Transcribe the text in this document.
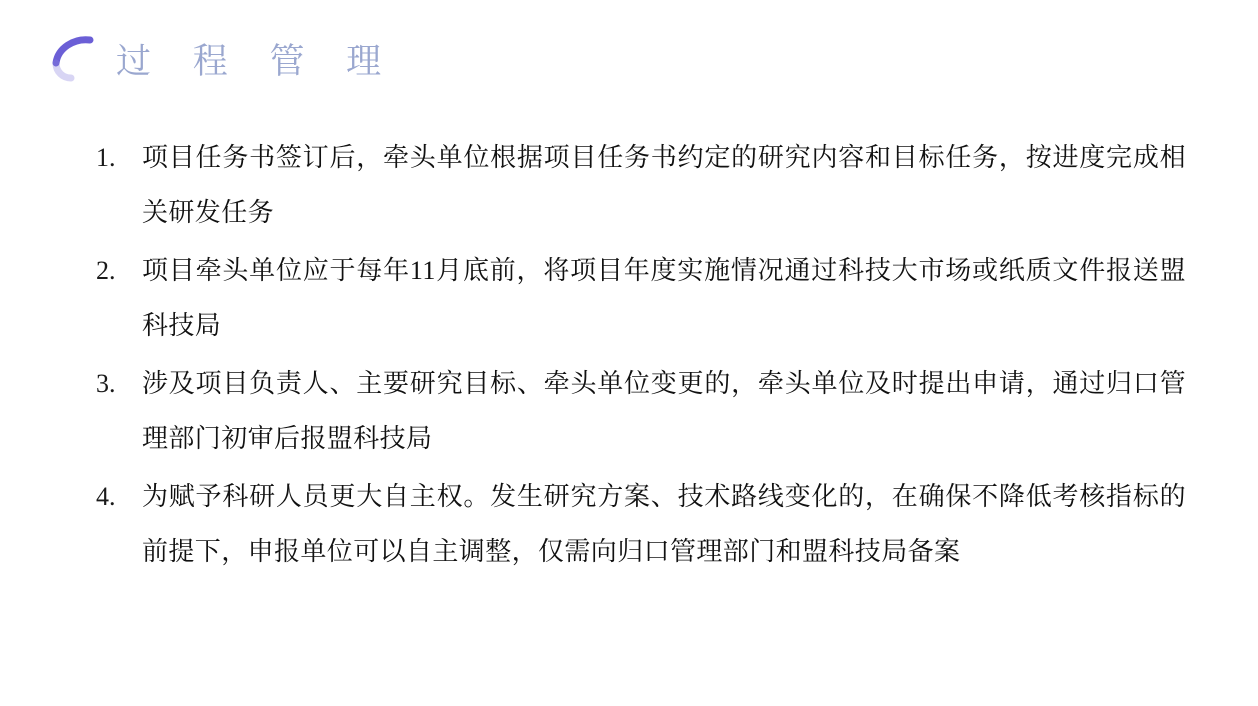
过 程 管 理
1.	项目任务书签订后，牵头单位根据项目任务书约定的研究内容和目标任务，按进度完成相关研发任务
2.	项目牵头单位应于每年11月底前，将项目年度实施情况通过科技大市场或纸质文件报送盟科技局
3.	涉及项目负责人、主要研究目标、牵头单位变更的，牵头单位及时提出申请，通过归口管理部门初审后报盟科技局
4.	为赋予科研人员更大自主权。发生研究方案、技术路线变化的，在确保不降低考核指标的前提下，申报单位可以自主调整，仅需向归口管理部门和盟科技局备案
